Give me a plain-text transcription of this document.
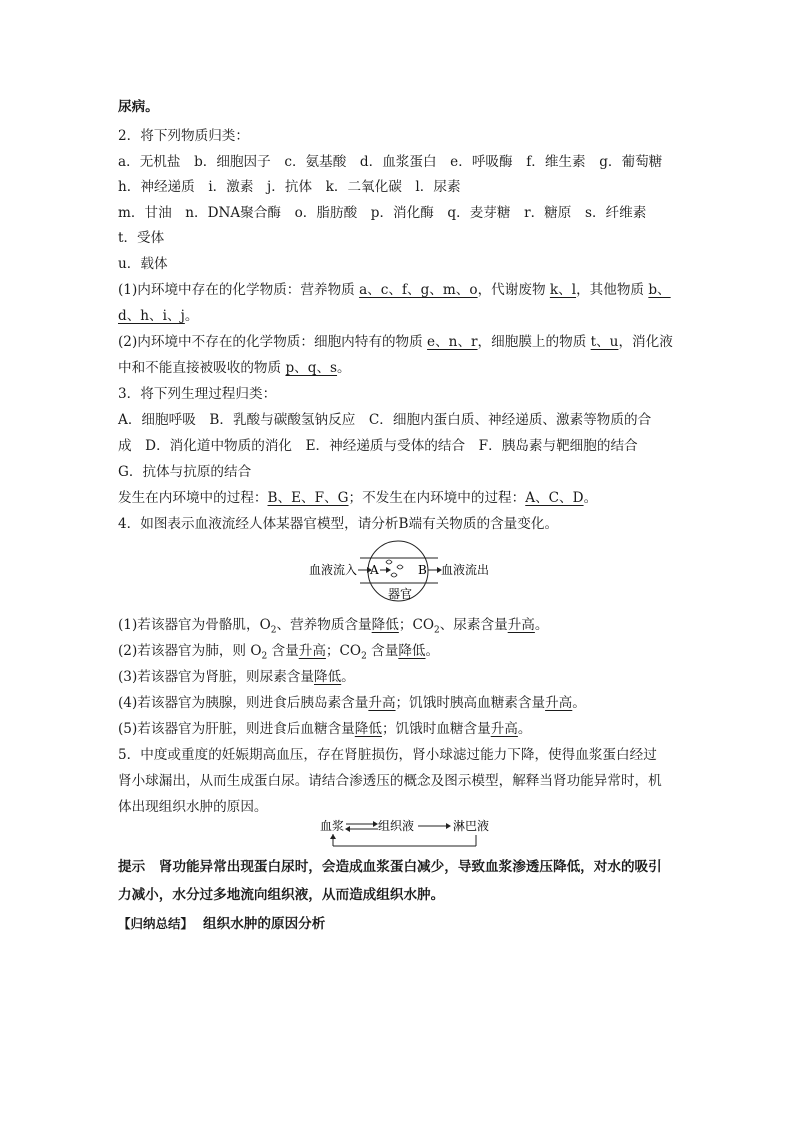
尿病。
2．将下列物质归类：
a．无机盐　b．细胞因子　c．氨基酸　d．血浆蛋白　e．呼吸酶　f．维生素　g．葡萄糖
h．神经递质　i．激素　j．抗体　k．二氧化碳　l．尿素
m．甘油　n．DNA聚合酶　o．脂肪酸　p．消化酶　q．麦芽糖　r．糖原　s．纤维素
t．受体
u．载体
(1)内环境中存在的化学物质：营养物质 a、c、f、g、m、o，代谢废物 k、l，其他物质 b、
d、h、i、j。
(2)内环境中不存在的化学物质：细胞内特有的物质 e、n、r，细胞膜上的物质 t、u，消化液
中和不能直接被吸收的物质 p、q、s。
3．将下列生理过程归类：
A．细胞呼吸　B．乳酸与碳酸氢钠反应　C．细胞内蛋白质、神经递质、激素等物质的合
成　D．消化道中物质的消化　E．神经递质与受体的结合　F．胰岛素与靶细胞的结合
G．抗体与抗原的结合
发生在内环境中的过程：B、E、F、G；不发生在内环境中的过程：A、C、D。
4．如图表示血液流经人体某器官模型，请分析B端有关物质的含量变化。
血液流入 A	B 血液流出
器官
(1)若该器官为骨骼肌，$O_2$、营养物质含量降低；$CO_2$、尿素含量升高。
(2)若该器官为肺，则 $O_2$ 含量升高；$CO_2$ 含量降低。
(3)若该器官为肾脏，则尿素含量降低。
(4)若该器官为胰腺，则进食后胰岛素含量升高；饥饿时胰高血糖素含量升高。
(5)若该器官为肝脏，则进食后血糖含量降低；饥饿时血糖含量升高。
5．中度或重度的妊娠期高血压，存在肾脏损伤，肾小球滤过能力下降，使得血浆蛋白经过
肾小球漏出，从而生成蛋白尿。请结合渗透压的概念及图示模型，解释当肾功能异常时，机
体出现组织水肿的原因。
血浆	组织液	淋巴液
提示　肾功能异常出现蛋白尿时，会造成血浆蛋白减少，导致血浆渗透压降低，对水的吸引
力减小，水分过多地流向组织液，从而造成组织水肿。
【归纳总结】 组织水肿的原因分析
